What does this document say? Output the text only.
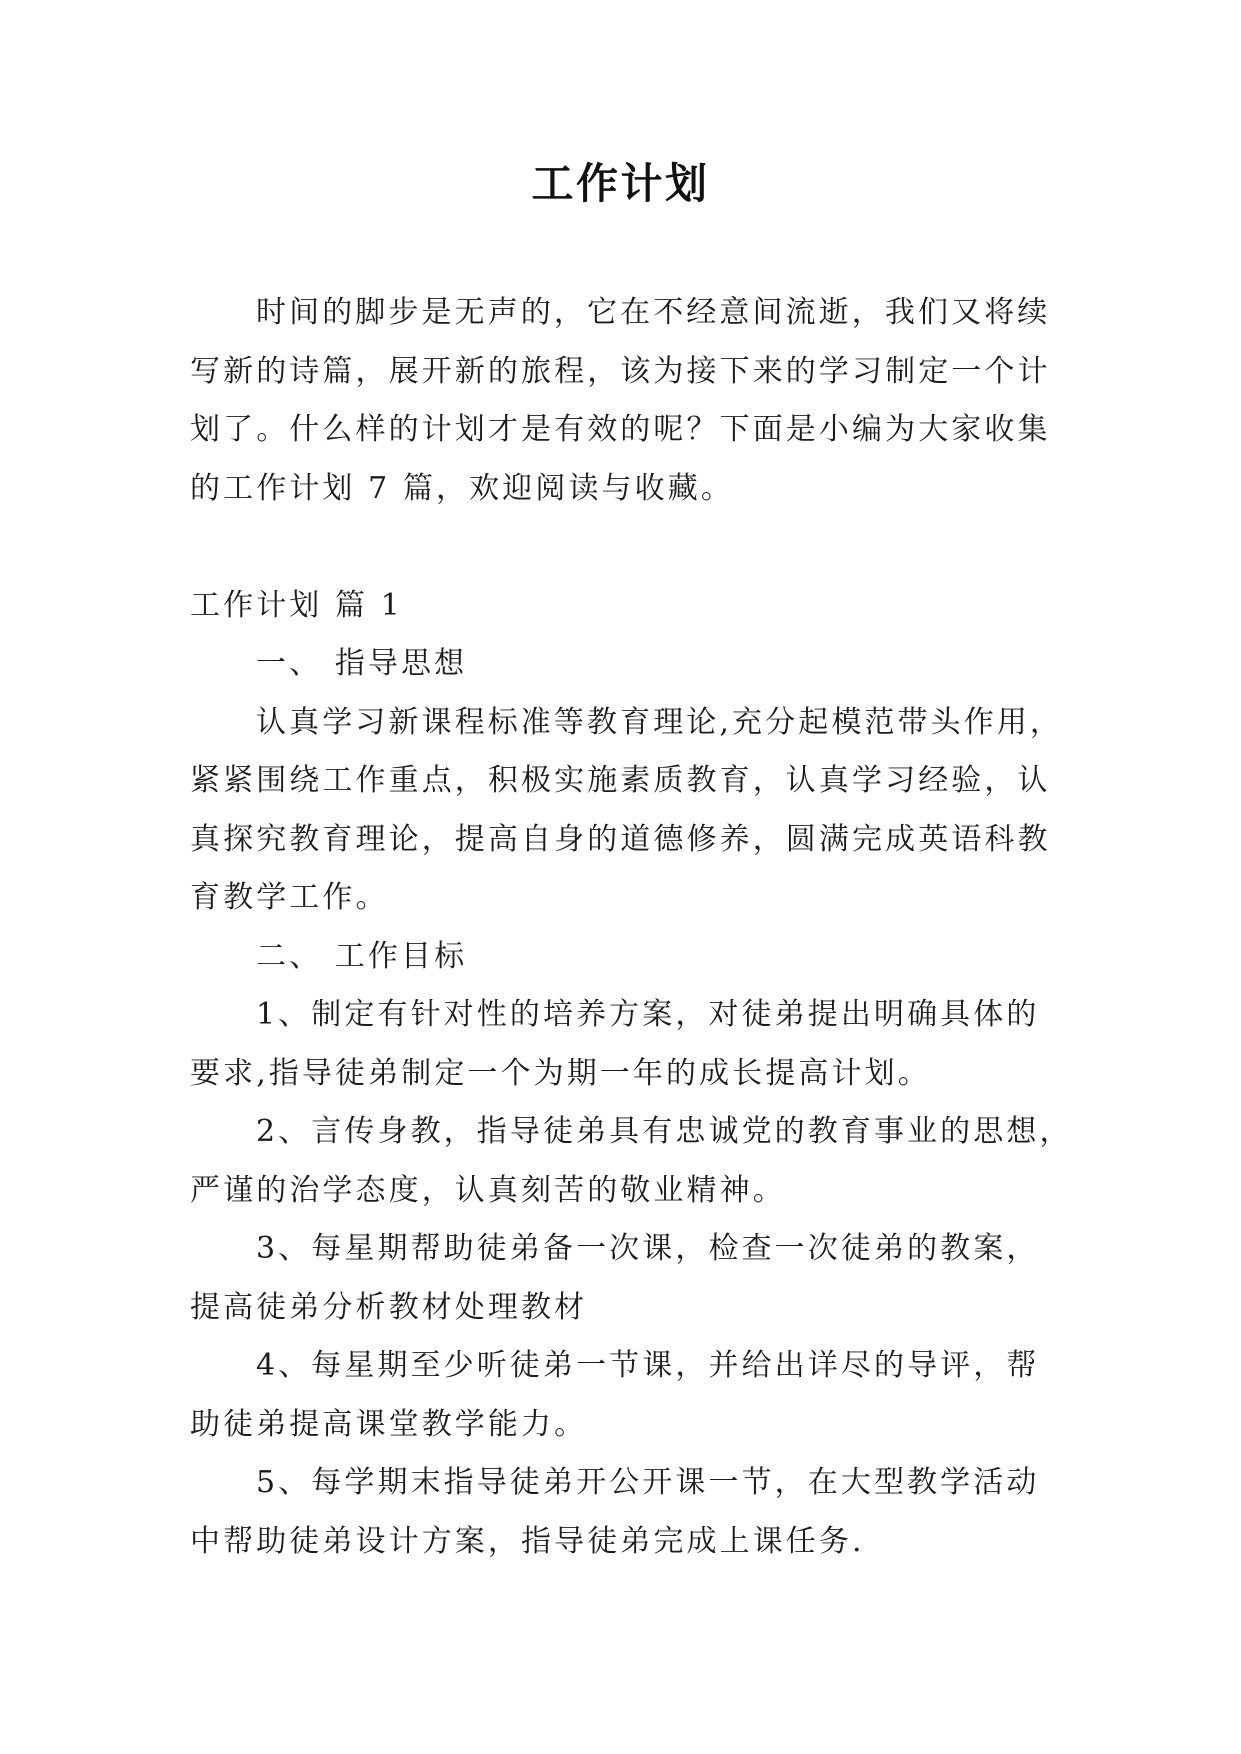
工作计划
时间的脚步是无声的，它在不经意间流逝，我们又将续
写新的诗篇，展开新的旅程，该为接下来的学习制定一个计
划了。什么样的计划才是有效的呢？下面是小编为大家收集
的工作计划 7 篇，欢迎阅读与收藏。
工作计划 篇 1
一、 指导思想
认真学习新课程标准等教育理论,充分起模范带头作用，
紧紧围绕工作重点，积极实施素质教育，认真学习经验，认
真探究教育理论，提高自身的道德修养，圆满完成英语科教
育教学工作。
二、 工作目标
1、制定有针对性的培养方案，对徒弟提出明确具体的
要求,指导徒弟制定一个为期一年的成长提高计划。
2、言传身教，指导徒弟具有忠诚党的教育事业的思想，
严谨的治学态度，认真刻苦的敬业精神。
3、每星期帮助徒弟备一次课，检查一次徒弟的教案，
提高徒弟分析教材处理教材
4、每星期至少听徒弟一节课，并给出详尽的导评，帮
助徒弟提高课堂教学能力。
5、每学期末指导徒弟开公开课一节，在大型教学活动
中帮助徒弟设计方案，指导徒弟完成上课任务.
